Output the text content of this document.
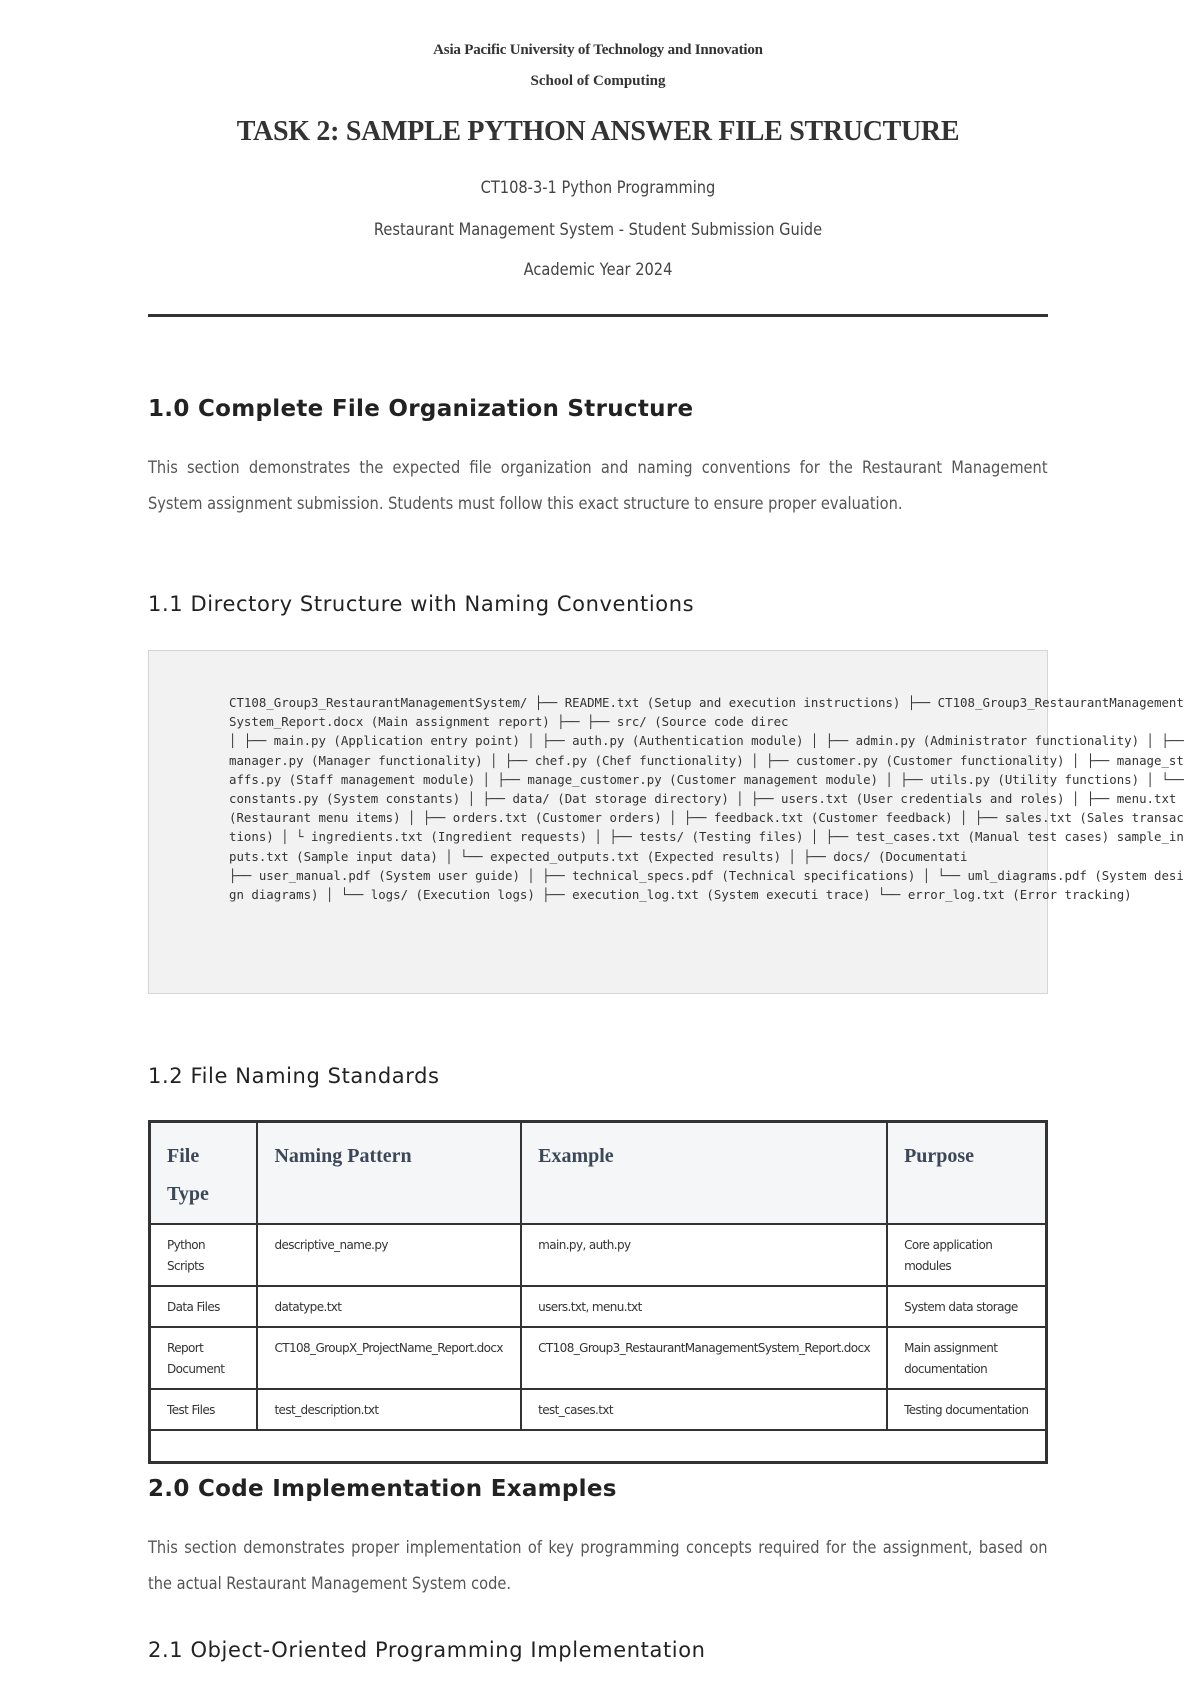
Asia Pacific University of Technology and Innovation
School of Computing
TASK 2: SAMPLE PYTHON ANSWER FILE STRUCTURE
CT108-3-1 Python Programming
Restaurant Management System - Student Submission Guide
Academic Year 2024
1.0 Complete File Organization Structure
This section demonstrates the expected file organization and naming conventions for the Restaurant Management System assignment submission. Students must follow this exact structure to ensure proper evaluation.
1.1 Directory Structure with Naming Conventions
CT108_Group3_RestaurantManagementSystem/ ├── README.txt (Setup and execution instructions) ├── CT108_Group3_RestaurantManagementSystem_Report.docx (Main assignment report) ├── ├── src/ (Source code direc
│ ├── main.py (Application entry point) │ ├── auth.py (Authentication module) │ ├── admin.py (Administrator functionality) │ ├── manager.py (Manager functionality) │ ├── chef.py (Chef functionality) │ ├── customer.py (Customer functionality) │ ├── manage_staffs.py (Staff management module) │ ├── manage_customer.py (Customer management module) │ ├── utils.py (Utility functions) │ └── constants.py (System constants) │ ├── data/ (Dat storage directory) │ ├── users.txt (User credentials and roles) │ ├── menu.txt (Restaurant menu items) │ ├── orders.txt (Customer orders) │ ├── feedback.txt (Customer feedback) │ ├── sales.txt (Sales transactions) │ └ ingredients.txt (Ingredient requests) │ ├── tests/ (Testing files) │ ├── test_cases.txt (Manual test cases) sample_inputs.txt (Sample input data) │ └── expected_outputs.txt (Expected results) │ ├── docs/ (Documentati
├── user_manual.pdf (System user guide) │ ├── technical_specs.pdf (Technical specifications) │ └── uml_diagrams.pdf (System design diagrams) │ └── logs/ (Execution logs) ├── execution_log.txt (System executi trace) └── error_log.txt (Error tracking)
1.2 File Naming Standards
File Type	Naming Pattern	Example	Purpose
Python Scripts	descriptive_name.py	main.py, auth.py	Core application modules
Data Files	datatype.txt	users.txt, menu.txt	System data storage
Report Document	CT108_GroupX_ProjectName_Report.docx	CT108_Group3_RestaurantManagementSystem_Report.docx	Main assignment documentation
Test Files	test_description.txt	test_cases.txt	Testing documentation

2.0 Code Implementation Examples
This section demonstrates proper implementation of key programming concepts required for the assignment, based on the actual Restaurant Management System code.
2.1 Object-Oriented Programming Implementation
